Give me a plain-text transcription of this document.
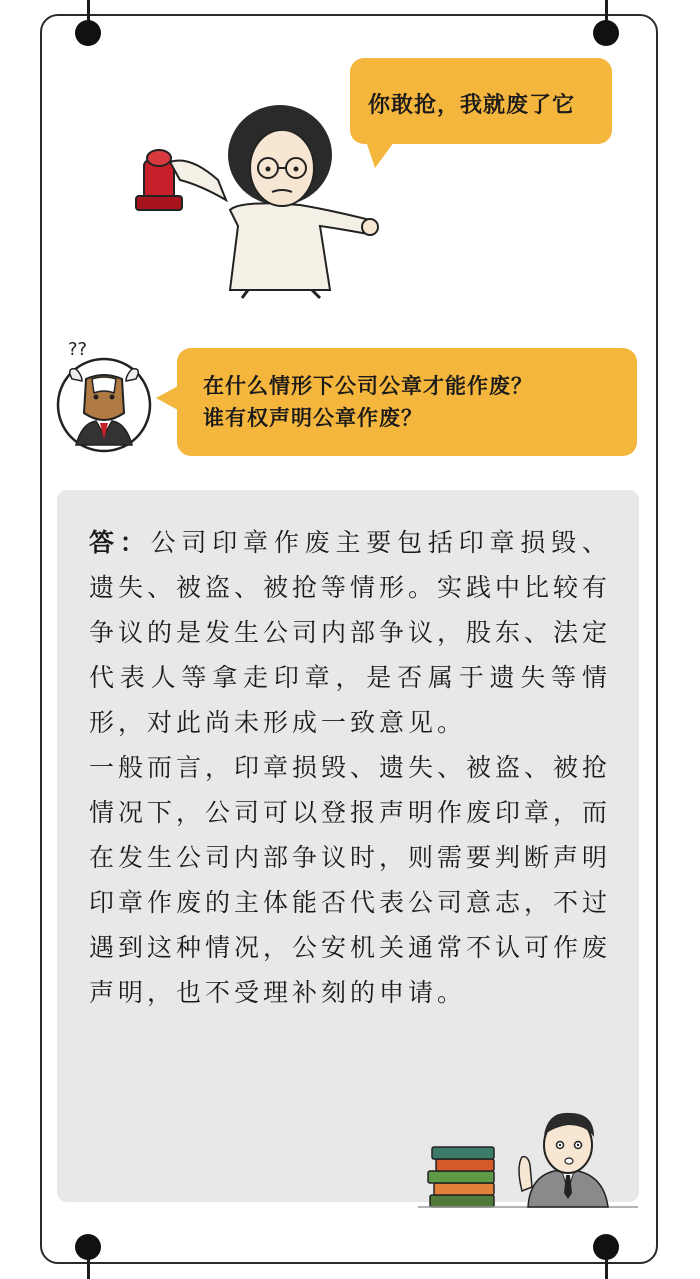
你敢抢，我就废了它
??
在什么情形下公司公章才能作废？
谁有权声明公章作废？

答：公司印章作废主要包括印章损毁、遗失、被盗、被抢等情形。实践中比较有争议的是发生公司内部争议，股东、法定代表人等拿走印章，是否属于遗失等情形，对此尚未形成一致意见。

一般而言，印章损毁、遗失、被盗、被抢情况下，公司可以登报声明作废印章，而在发生公司内部争议时，则需要判断声明印章作废的主体能否代表公司意志，不过遇到这种情况，公安机关通常不认可作废声明，也不受理补刻的申请。
